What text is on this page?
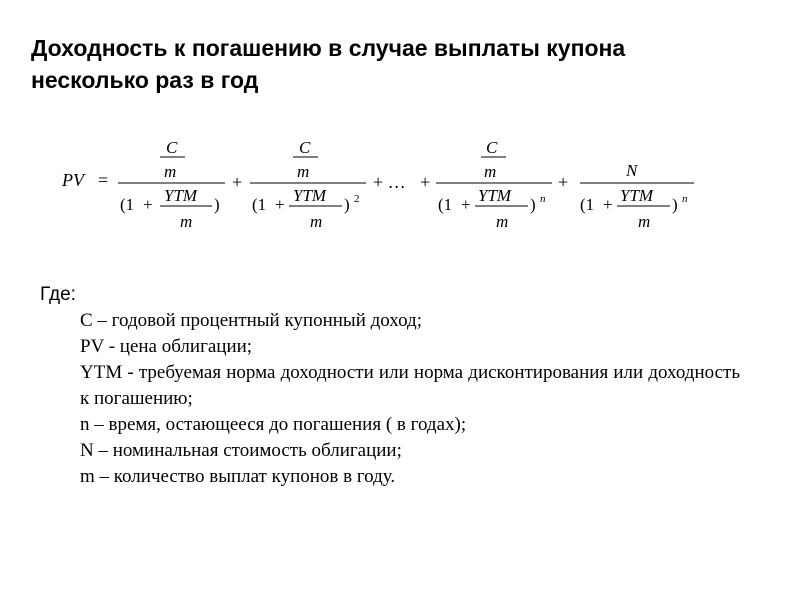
Доходность к погашению в случае выплаты купона
несколько раз в год
PV =
C
m
(1 + YTM
m
)
+
C
m
(1 + YTM
m
) 2
+ … +
C
m
(1 + YTM
m
) n
+
N
(1 + YTM
m
) n
Где:
С – годовой процентный купонный доход;
PV - цена облигации;
YTM - требуемая норма доходности или норма дисконтирования или доходность к погашению;
n – время, остающееся до погашения ( в годах);
N – номинальная стоимость облигации;
m – количество выплат купонов в году.
